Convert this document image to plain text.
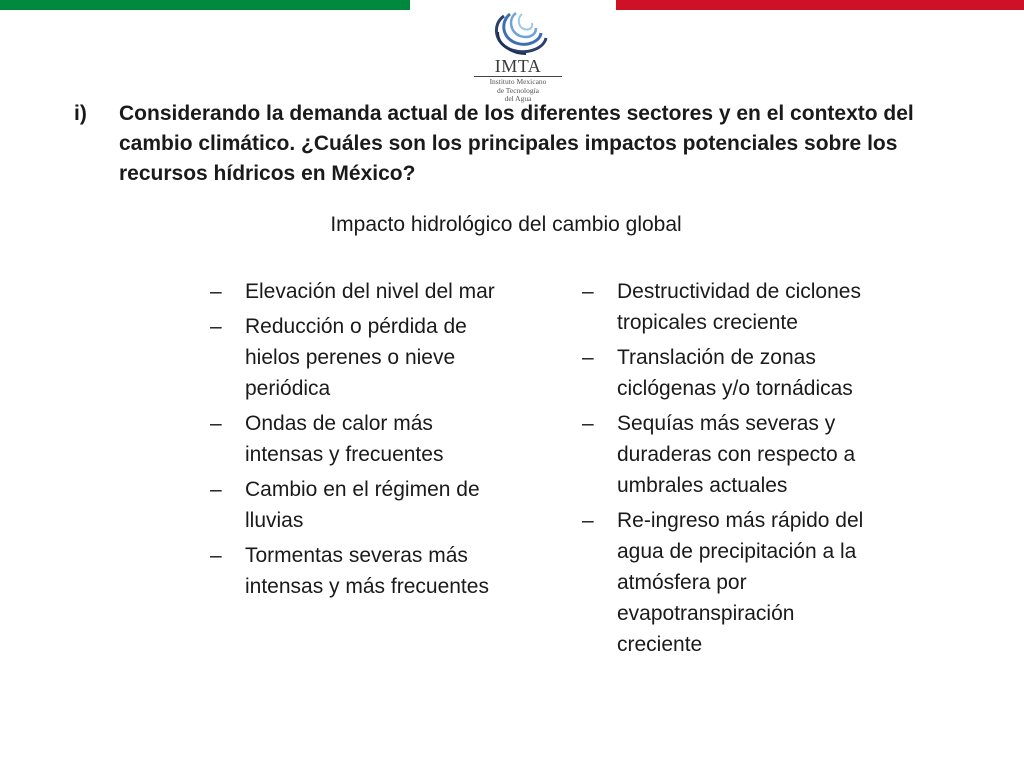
IMTA
Instituto Mexicano
de Tecnología
del Agua
i) Considerando la demanda actual de los diferentes sectores y en el contexto del cambio climático. ¿Cuáles son los principales impactos potenciales sobre los recursos hídricos en México?
Impacto hidrológico del cambio global
– Elevación del nivel del mar
– Reducción o pérdida de hielos perenes o nieve periódica
– Ondas de calor más intensas y frecuentes
– Cambio en el régimen de lluvias
– Tormentas severas más intensas y más frecuentes
– Destructividad de ciclones tropicales creciente
– Translación de zonas ciclógenas y/o tornádicas
– Sequías más severas y duraderas con respecto a umbrales actuales
– Re-ingreso más rápido del agua de precipitación a la atmósfera por evapotranspiración creciente
